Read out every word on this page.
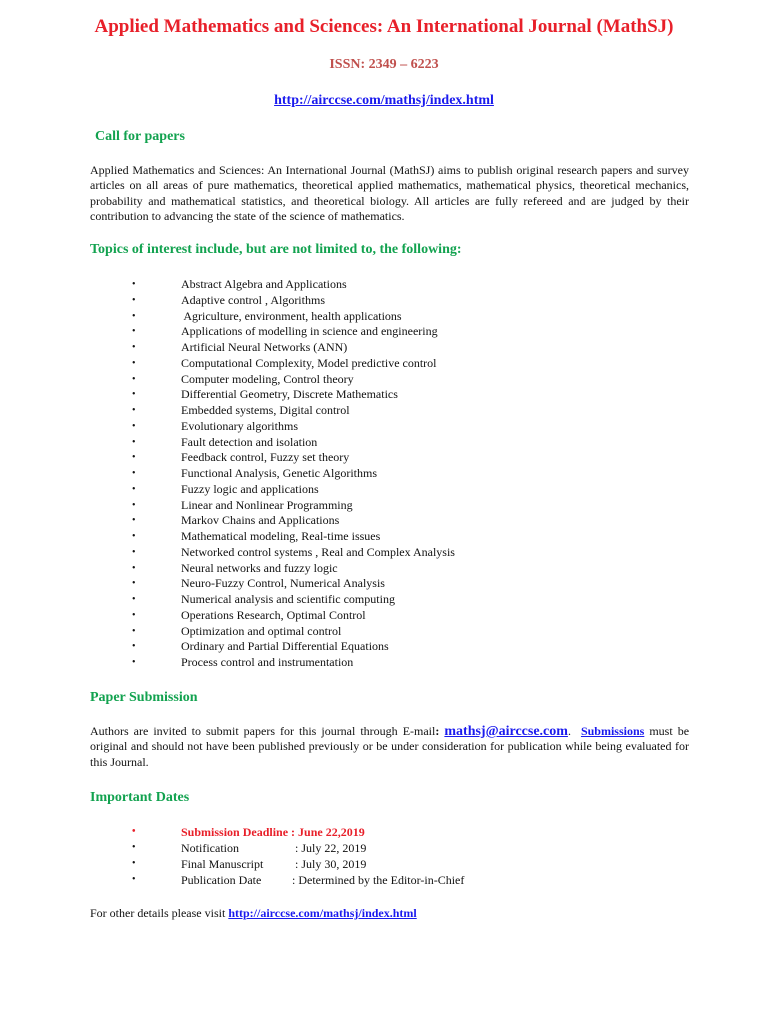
Applied Mathematics and Sciences: An International Journal (MathSJ)
ISSN: 2349 – 6223
http://airccse.com/mathsj/index.html
Call for papers
Applied Mathematics and Sciences: An International Journal (MathSJ) aims to publish original research papers and survey articles on all areas of pure mathematics, theoretical applied mathematics, mathematical physics, theoretical mechanics, probability and mathematical statistics, and theoretical biology. All articles are fully refereed and are judged by their contribution to advancing the state of the science of mathematics.
Topics of interest include, but are not limited to, the following:
•	Abstract Algebra and Applications
•	Adaptive control , Algorithms
•	Agriculture, environment, health applications
•	Applications of modelling in science and engineering
•	Artificial Neural Networks (ANN)
•	Computational Complexity, Model predictive control
•	Computer modeling, Control theory
•	Differential Geometry, Discrete Mathematics
•	Embedded systems, Digital control
•	Evolutionary algorithms
•	Fault detection and isolation
•	Feedback control, Fuzzy set theory
•	Functional Analysis, Genetic Algorithms
•	Fuzzy logic and applications
•	Linear and Nonlinear Programming
•	Markov Chains and Applications
•	Mathematical modeling, Real-time issues
•	Networked control systems , Real and Complex Analysis
•	Neural networks and fuzzy logic
•	Neuro-Fuzzy Control, Numerical Analysis
•	Numerical analysis and scientific computing
•	Operations Research, Optimal Control
•	Optimization and optimal control
•	Ordinary and Partial Differential Equations
•	Process control and instrumentation
Paper Submission
Authors are invited to submit papers for this journal through E-mail: mathsj@airccse.com. Submissions must be original and should not have been published previously or be under consideration for publication while being evaluated for this Journal.
Important Dates
•	Submission Deadline : June 22,2019
•	Notification	: July 22, 2019
•	Final Manuscript	: July 30, 2019
•	Publication Date	: Determined by the Editor-in-Chief
For other details please visit http://airccse.com/mathsj/index.html
